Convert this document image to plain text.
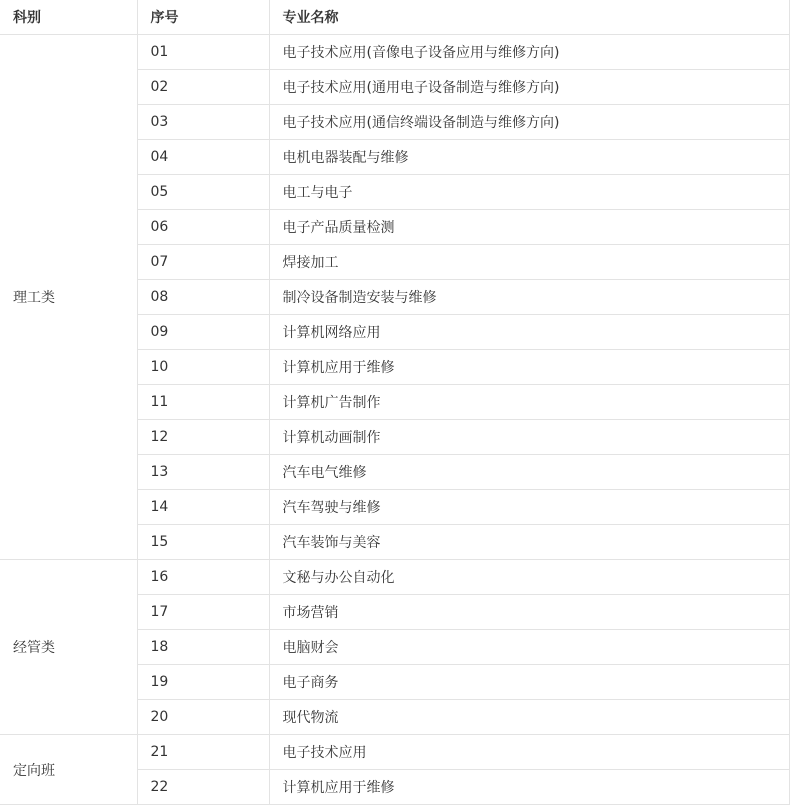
科别	序号	专业名称
理工类	01	电子技术应用(音像电子设备应用与维修方向)
	02	电子技术应用(通用电子设备制造与维修方向)
	03	电子技术应用(通信终端设备制造与维修方向)
	04	电机电器装配与维修
	05	电工与电子
	06	电子产品质量检测
	07	焊接加工
	08	制冷设备制造安装与维修
	09	计算机网络应用
	10	计算机应用于维修
	11	计算机广告制作
	12	计算机动画制作
	13	汽车电气维修
	14	汽车驾驶与维修
	15	汽车装饰与美容
经管类	16	文秘与办公自动化
	17	市场营销
	18	电脑财会
	19	电子商务
	20	现代物流
定向班	21	电子技术应用
	22	计算机应用于维修
